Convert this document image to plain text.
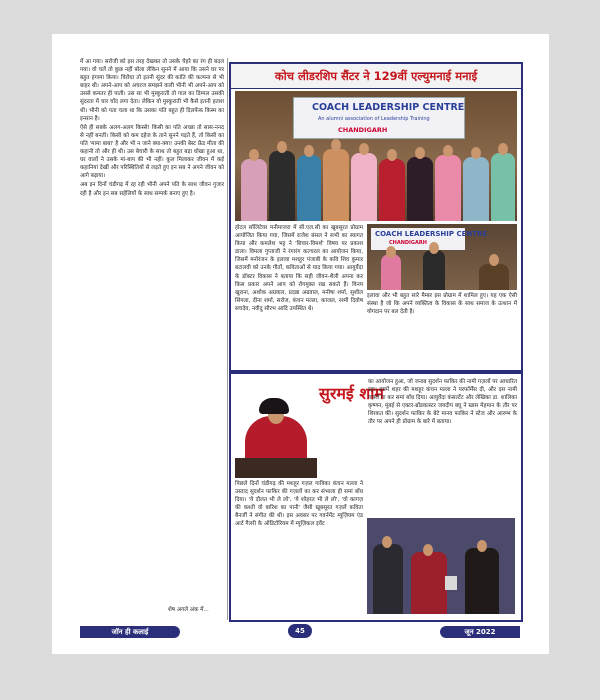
में आ गया। सरोजी को इस तरह देखकर तो उसके चेहरे का रंग ही बदल गया। वो चलें तो कुछ नहीं बोला लेकिन सुनने में आया कि उसने घर पर बहुत हंगामा किया। विरोधा तो इतनी सुंदर की कांति की कल्पना से भी बाहर थी। अपने-आप को अचरज समझने वाली भीनी भी अपने-आप को उससे कमतर ही पाती। उस सा भी मुस्कुराती तो गाल का डिम्पल उसकी सुंदरता में चार चाँद लगा देता। लेकिन वो मुस्कुराती भी कैसे इतनी हताश थी। भीनी को पता चला था कि उसका पति बहुत ही दिलफेंक किस्म का इन्सान है।

ऐसे ही सबके अलग-अलग किस्से! किसी का पति अच्छा तो सास-ननद से नहीं बनती। किसी को कम दहेज के ताने सुनने पड़ते हैं, तो किसी का पति 'मामा बाबा' है और भी न जाने क्या-क्या! उनकी बेस्ट फ्रेंड मीता की कहानी तो और ही थी। उस बेचारी के साथ तो बहुत बड़ा धोखा हुआ था, घर वालों ने उसके मां-बाप की भी नहीं। कुल मिलाकर जीवन में कई कहानियां देखीं और परिस्थितियों से लड़ते हुए इन सब ने अपने जीवन को आगे बढ़ाया।

अब इन दिनों चंडीगढ़ में रह रही भीनी अपने पति के साथ जीवन गुजार रही है और इन सब सहेलियों के साथ सम्पर्क बनाए हुए है।

शेष अगले अंक में...
कोच लीडरशिप सैंटर ने 129वीं एल्युमनाई मनाई
COACH LEADERSHIP CENTRE
An alumni association of Leadership Training
CHANDIGARH
होटल सॉलिटेयर मनीमाजरा में सी.एल.सी का खूबसूरत प्रोग्राम आयोजित किया गया, जिसमें राजेश बंसल ने सभी का स्वागत किया और कमलेश भट्ट ने 'बिचार-विमर्श' विषय पर प्रकाश डाला। विमला गुप्ताजी ने रंगारंग कल्चरल का आयोजन किया, जिसमें मनोरंजन के इलावा मशहूर पंजाबी के कवि शिव कुमार बटालवी को उनके गीतों, कविताओं से याद किया गया। आयुर्वेदा के डॉक्टर विकास ने बताया कि सही जीवन-शैली अपना कर किस प्रकार अपने आप को रोगमुक्त रख सकते हैं। विनय खुराना, अशोक अग्रवाल, प्रदन्ना अग्रवाल, मनीषा शर्मा, सुशील सिंगला, दीना शर्मा, सरोज, कंचन मल्ला, काजल, रश्मी दिवोष सचदेव, नवीदु सौरभ आदि उपस्थित थे।
COACH LEADERSHIP CENTRE
CHANDIGARH
इलावा और भी बहुत सारे मैम्बर इस प्रोग्राम में शामिल हुए। यह एक ऐसी संस्था है जो कि अपने व्यक्तित्व के विकास के साथ समाज के उत्थान में योगदान पर बल देती है।
सुरमई शाम
का आयोजन हुआ, जो जनाब सुदर्शन फाकिर की नामी गज़लों पर आधारित रहा। इसमें शहर की मशहूर कंचन मल्ला ने परफॉर्मेंस दी, और दस नामी गज़लें गा कर समां बाँध दिया। आयुर्वेदा कंसल्टेंट और लेखिका डा. शालिका कृष्णन, मुंबई से एक्टर-ब्रॉडकास्टर जयदीप बघू ने खास मेहमान के तौर पर शिरकत की। सुदर्शन फाकिर के बेटे मानव फाकिर ने स्टेज और आरम्भ के तौर पर अपने ही प्रोग्राम के बारे में बताया।
पिछले दिनों चंडीगढ़ की मशहूर गज़ल गायिका कंचन मल्ला ने उस्ताद सुदर्शन फाकिर की गज़लों का कर संभाला ही समां बाँध दिया। 'ये दौलत भी ले लो', 'ये शोहरत भी ले लो', 'वो कागज़ की कश्ती वो बारिश का पानी' जैसी खूबसूरत गज़लें कविता बैनर्जी ने संगीत की थी। इस अवसर पर गवर्नमेंट म्यूज़ियम एंड आर्ट गैलरी के ऑडिटोरियम में म्यूज़िकल इवेंट
जॉन ही कलाई	45	जून 2022
